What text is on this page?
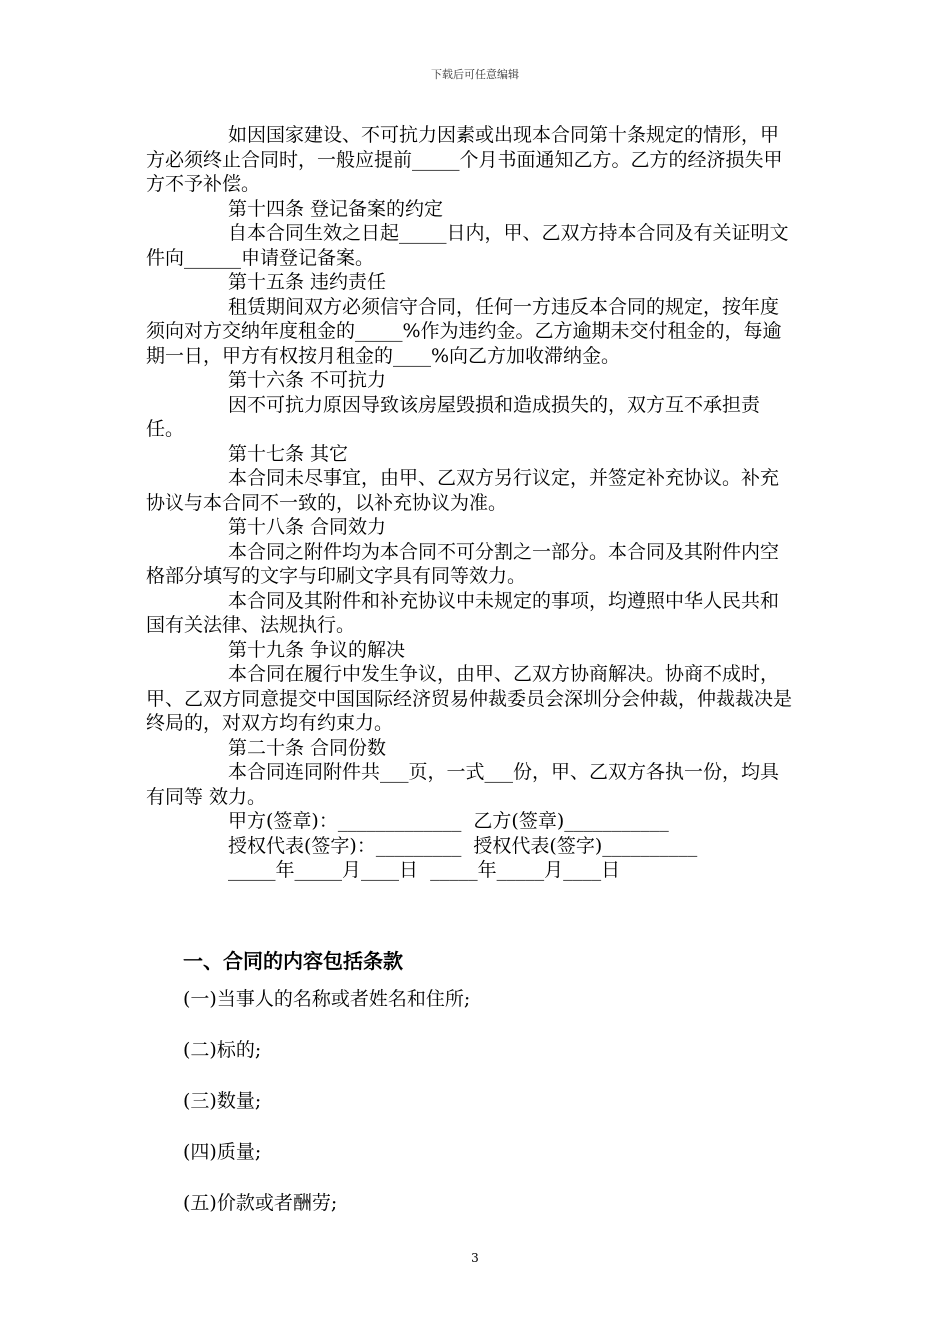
下载后可任意编辑

如因国家建设、不可抗力因素或出现本合同第十条规定的情形，甲方必须终止合同时，一般应提前_____个月书面通知乙方。乙方的经济损失甲方不予补偿。

第十四条 登记备案的约定

自本合同生效之日起_____日内，甲、乙双方持本合同及有关证明文件向______申请登记备案。

第十五条 违约责任

租赁期间双方必须信守合同，任何一方违反本合同的规定，按年度须向对方交纳年度租金的_____%作为违约金。乙方逾期未交付租金的，每逾期一日，甲方有权按月租金的____%向乙方加收滞纳金。

第十六条 不可抗力

因不可抗力原因导致该房屋毁损和造成损失的，双方互不承担责任。

第十七条 其它

本合同未尽事宜，由甲、乙双方另行议定，并签定补充协议。补充协议与本合同不一致的，以补充协议为准。

第十八条 合同效力

本合同之附件均为本合同不可分割之一部分。本合同及其附件内空格部分填写的文字与印刷文字具有同等效力。

本合同及其附件和补充协议中未规定的事项，均遵照中华人民共和国有关法律、法规执行。

第十九条 争议的解决

本合同在履行中发生争议，由甲、乙双方协商解决。协商不成时，甲、乙双方同意提交中国国际经济贸易仲裁委员会深圳分会仲裁，仲裁裁决是终局的，对双方均有约束力。

第二十条 合同份数

本合同连同附件共___页，一式___份，甲、乙双方各执一份，均具有同等 效力。

甲方(签章)：_____________  乙方(签章)___________
授权代表(签字)：_________  授权代表(签字)__________
_____年_____月____日  _____年_____月____日
一、合同的内容包括条款
(一)当事人的名称或者姓名和住所;
(二)标的;
(三)数量;
(四)质量;
(五)价款或者酬劳;
3
